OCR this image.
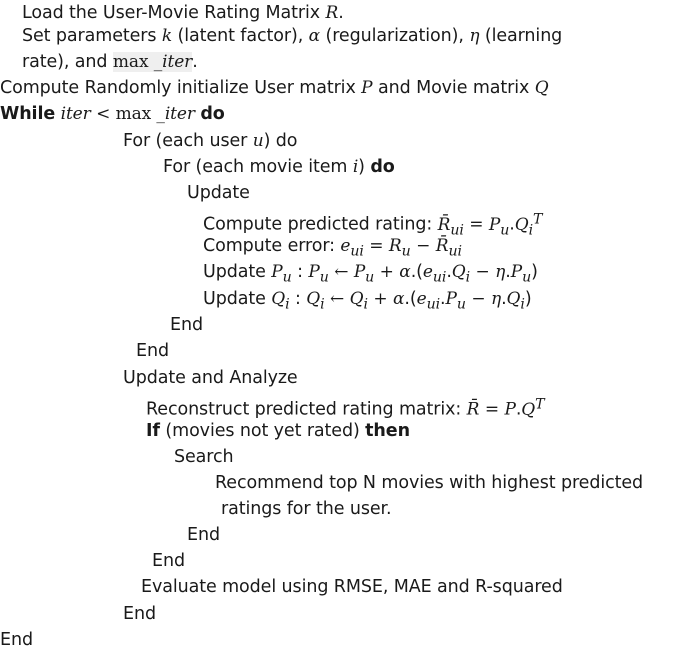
Load the User-Movie Rating Matrix R.
Set parameters k (latent factor), α (regularization), η (learning
rate), and max _iter.
Compute Randomly initialize User matrix P and Movie matrix Q
While iter < max _iter do
For (each user u) do
For (each movie item i) do
Update
Compute predicted rating: $R̄_{ui} = P_u.Q_i^T$
Compute error: $e_{ui} = R_u$ − $R̄_{ui}$
Update $P_u$ : $P_u$ ← $P_u + \alpha.(e_{ui}.Q_i - \eta.P_u)$
Update $Q_i$ : $Q_i$ ← $Q_i + \alpha.(e_{ui}.P_u - \eta.Q_i)$
End
End
Update and Analyze
Reconstruct predicted rating matrix: R̄ = $P.Q^T$
If (movies not yet rated) then
Search
Recommend top N movies with highest predicted
ratings for the user.
End
End
Evaluate model using RMSE, MAE and R-squared
End
End
